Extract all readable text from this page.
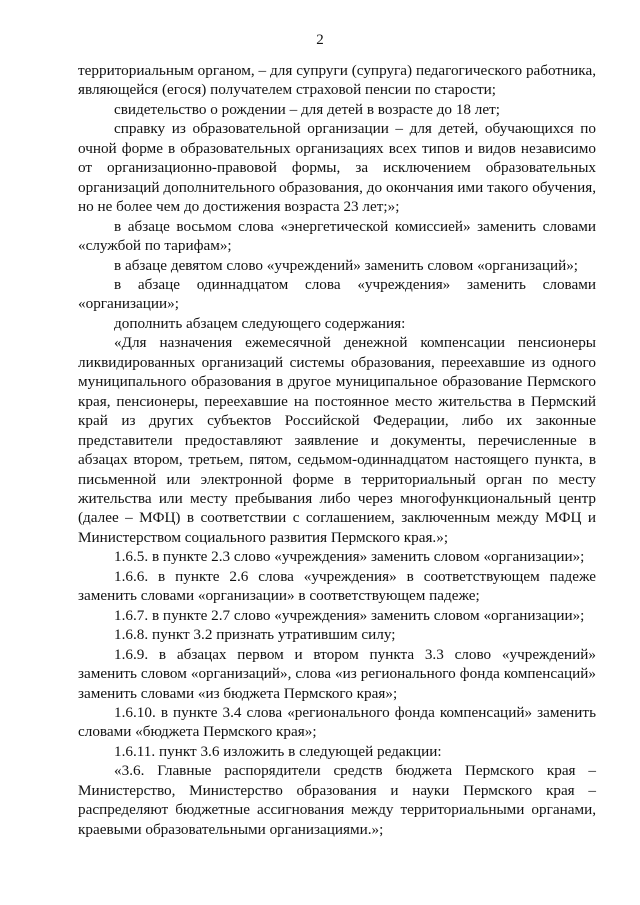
2

территориальным органом, – для супруги (супруга) педагогического работника, являющейся (егося) получателем страховой пенсии по старости;

свидетельство о рождении – для детей в возрасте до 18 лет;

справку из образовательной организации – для детей, обучающихся по очной форме в образовательных организациях всех типов и видов независимо от организационно-правовой формы, за исключением образовательных организаций дополнительного образования, до окончания ими такого обучения, но не более чем до достижения возраста 23 лет;»;

в абзаце восьмом слова «энергетической комиссией» заменить словами «службой по тарифам»;

в абзаце девятом слово «учреждений» заменить словом «организаций»;

в абзаце одиннадцатом слова «учреждения» заменить словами «организации»;

дополнить абзацем следующего содержания:

«Для назначения ежемесячной денежной компенсации пенсионеры ликвидированных организаций системы образования, переехавшие из одного муниципального образования в другое муниципальное образование Пермского края, пенсионеры, переехавшие на постоянное место жительства в Пермский край из других субъектов Российской Федерации, либо их законные представители предоставляют заявление и документы, перечисленные в абзацах втором, третьем, пятом, седьмом-одиннадцатом настоящего пункта, в письменной или электронной форме в территориальный орган по месту жительства или месту пребывания либо через многофункциональный центр (далее – МФЦ) в соответствии с соглашением, заключенным между МФЦ и Министерством социального развития Пермского края.»;

1.6.5. в пункте 2.3 слово «учреждения» заменить словом «организации»;

1.6.6. в пункте 2.6 слова «учреждения» в соответствующем падеже заменить словами «организации» в соответствующем падеже;

1.6.7. в пункте 2.7 слово «учреждения» заменить словом «организации»;

1.6.8. пункт 3.2 признать утратившим силу;

1.6.9. в абзацах первом и втором пункта 3.3 слово «учреждений» заменить словом «организаций», слова «из регионального фонда компенсаций» заменить словами «из бюджета Пермского края»;

1.6.10. в пункте 3.4 слова «регионального фонда компенсаций» заменить словами «бюджета Пермского края»;

1.6.11. пункт 3.6 изложить в следующей редакции:

«3.6. Главные распорядители средств бюджета Пермского края – Министерство, Министерство образования и науки Пермского края – распределяют бюджетные ассигнования между территориальными органами, краевыми образовательными организациями.»;
